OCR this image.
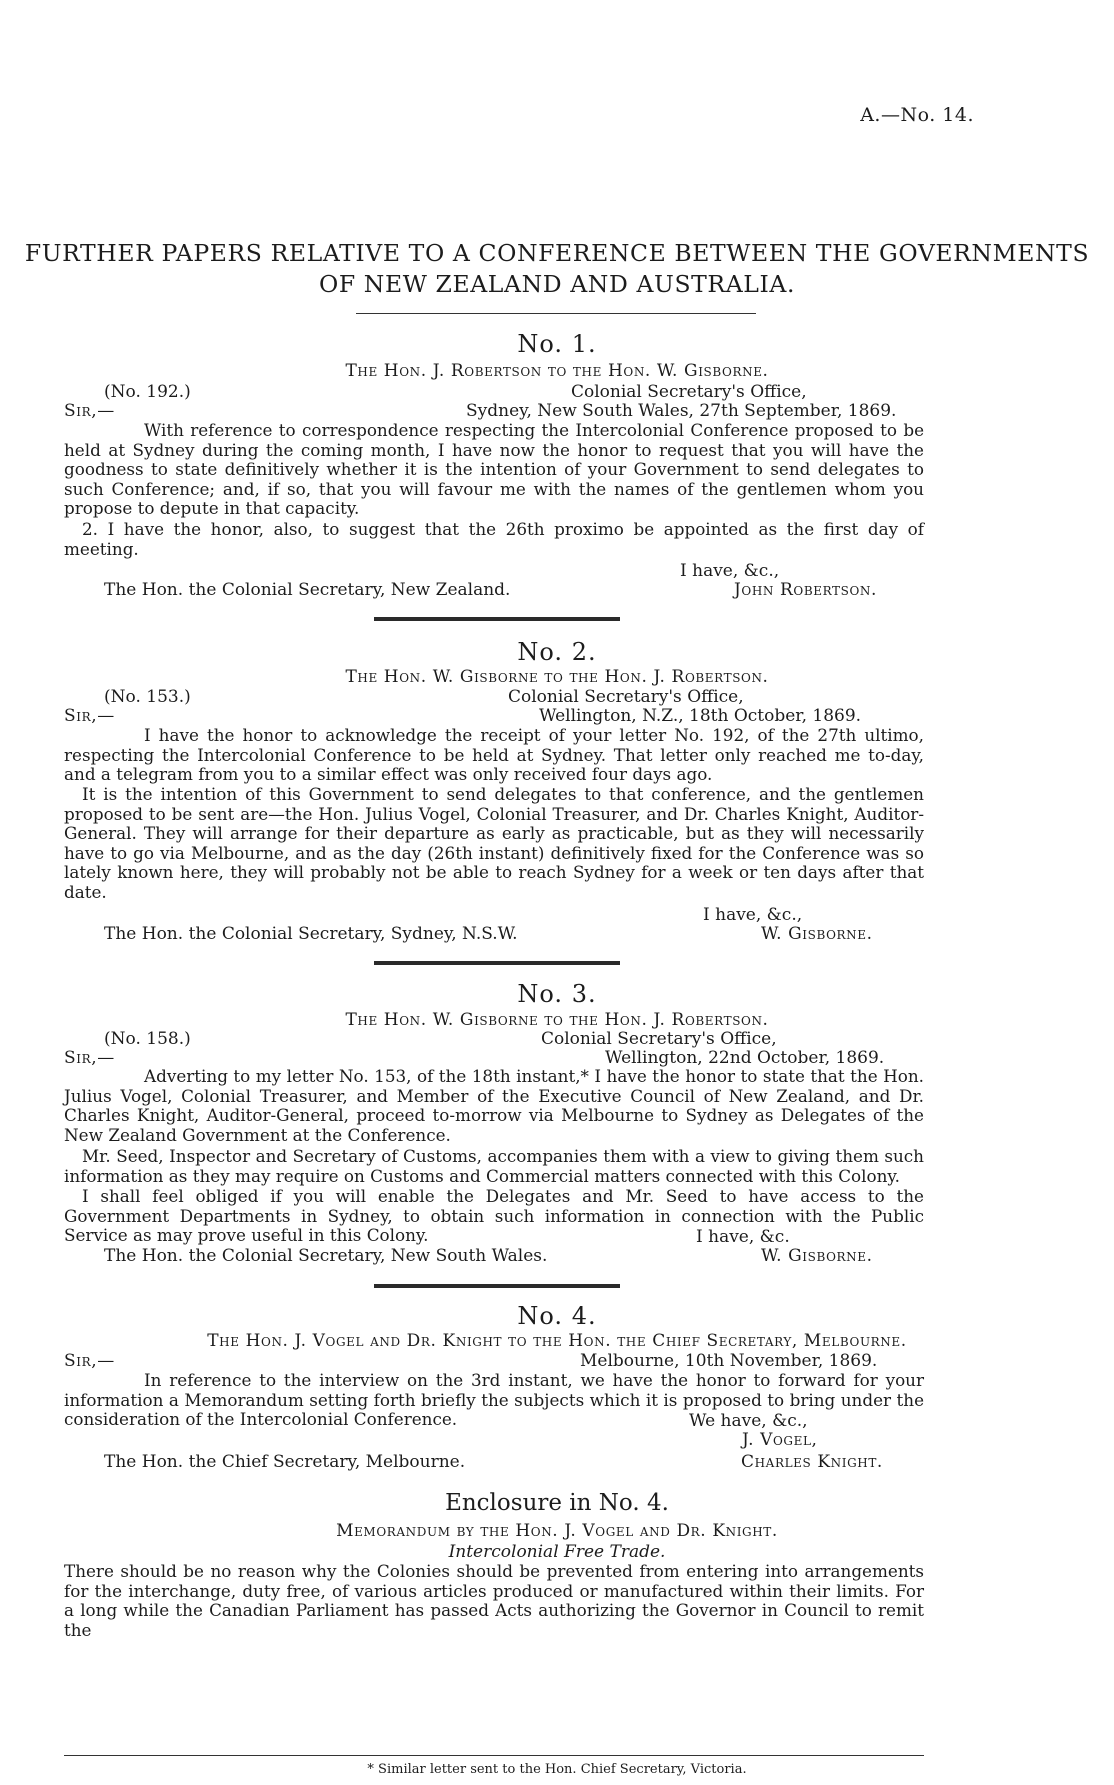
A.—No. 14.
FURTHER PAPERS RELATIVE TO A CONFERENCE BETWEEN THE GOVERNMENTS
OF NEW ZEALAND AND AUSTRALIA.
No. 1.
The Hon. J. Robertson to the Hon. W. Gisborne.
(No. 192.)	Colonial Secretary's Office,
Sir,—	Sydney, New South Wales, 27th September, 1869.
With reference to correspondence respecting the Intercolonial Conference proposed to be held at Sydney during the coming month, I have now the honor to request that you will have the goodness to state definitively whether it is the intention of your Government to send delegates to such Conference; and, if so, that you will favour me with the names of the gentlemen whom you propose to depute in that capacity.
2. I have the honor, also, to suggest that the 26th proximo be appointed as the first day of meeting.
I have, &c.,
The Hon. the Colonial Secretary, New Zealand.	John Robertson.
No. 2.
The Hon. W. Gisborne to the Hon. J. Robertson.
(No. 153.)	Colonial Secretary's Office,
Sir,—	Wellington, N.Z., 18th October, 1869.
I have the honor to acknowledge the receipt of your letter No. 192, of the 27th ultimo, respecting the Intercolonial Conference to be held at Sydney. That letter only reached me to-day, and a telegram from you to a similar effect was only received four days ago.
It is the intention of this Government to send delegates to that conference, and the gentlemen proposed to be sent are—the Hon. Julius Vogel, Colonial Treasurer, and Dr. Charles Knight, Auditor-General. They will arrange for their departure as early as practicable, but as they will necessarily have to go via Melbourne, and as the day (26th instant) definitively fixed for the Conference was so lately known here, they will probably not be able to reach Sydney for a week or ten days after that date.
I have, &c.,
The Hon. the Colonial Secretary, Sydney, N.S.W.	W. Gisborne.
No. 3.
The Hon. W. Gisborne to the Hon. J. Robertson.
(No. 158.)	Colonial Secretary's Office,
Sir,—	Wellington, 22nd October, 1869.
Adverting to my letter No. 153, of the 18th instant,* I have the honor to state that the Hon. Julius Vogel, Colonial Treasurer, and Member of the Executive Council of New Zealand, and Dr. Charles Knight, Auditor-General, proceed to-morrow via Melbourne to Sydney as Delegates of the New Zealand Government at the Conference.
Mr. Seed, Inspector and Secretary of Customs, accompanies them with a view to giving them such information as they may require on Customs and Commercial matters connected with this Colony.
I shall feel obliged if you will enable the Delegates and Mr. Seed to have access to the Government Departments in Sydney, to obtain such information in connection with the Public Service as may prove useful in this Colony.	I have, &c.
The Hon. the Colonial Secretary, New South Wales.	W. Gisborne.
No. 4.
The Hon. J. Vogel and Dr. Knight to the Hon. the Chief Secretary, Melbourne.
Sir,—	Melbourne, 10th November, 1869.
In reference to the interview on the 3rd instant, we have the honor to forward for your information a Memorandum setting forth briefly the subjects which it is proposed to bring under the consideration of the Intercolonial Conference.	We have, &c.,
J. Vogel,
The Hon. the Chief Secretary, Melbourne.	Charles Knight.
Enclosure in No. 4.
Memorandum by the Hon. J. Vogel and Dr. Knight.
Intercolonial Free Trade.
There should be no reason why the Colonies should be prevented from entering into arrangements for the interchange, duty free, of various articles produced or manufactured within their limits. For a long while the Canadian Parliament has passed Acts authorizing the Governor in Council to remit the
* Similar letter sent to the Hon. Chief Secretary, Victoria.
